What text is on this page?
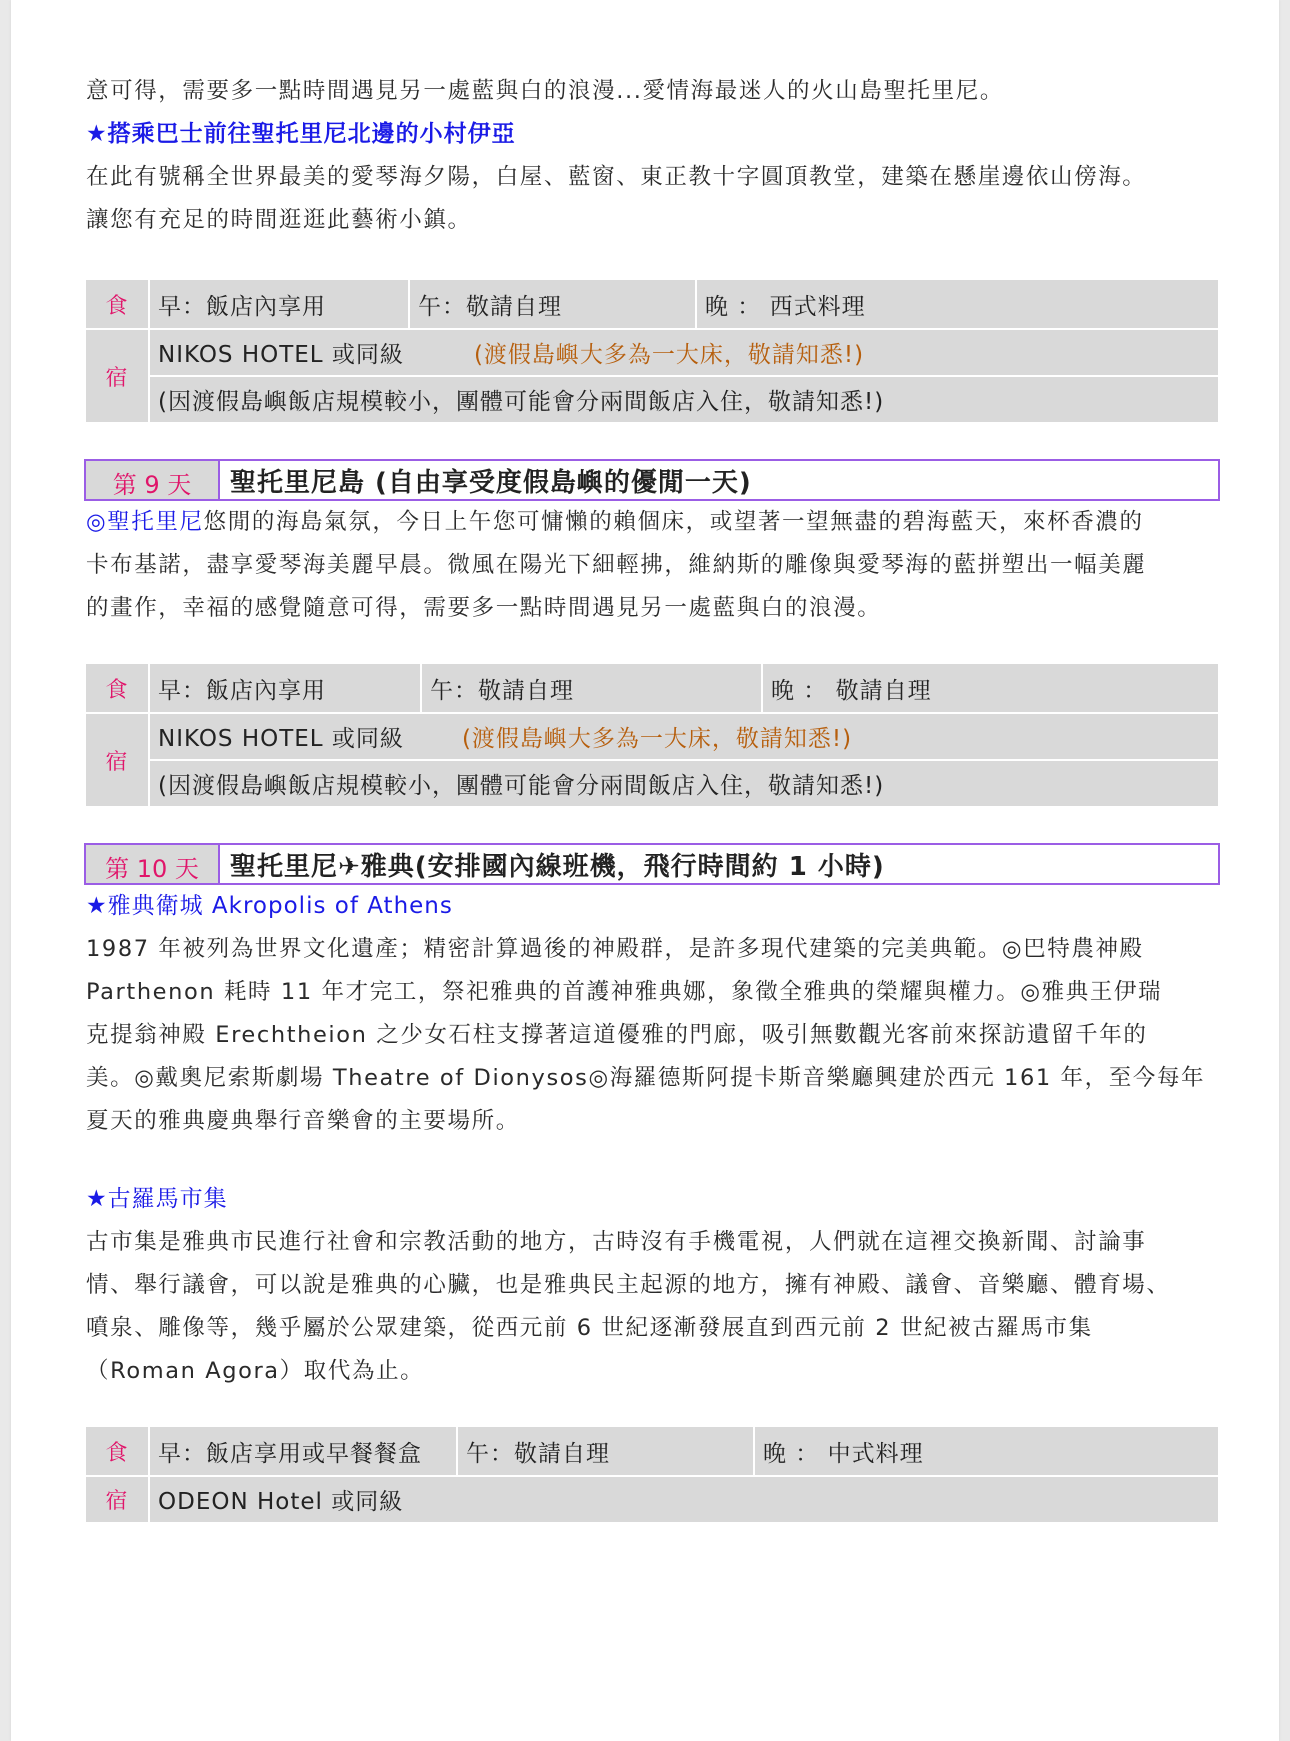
意可得，需要多一點時間遇見另一處藍與白的浪漫...愛情海最迷人的火山島聖托里尼。

★搭乘巴士前往聖托里尼北邊的小村伊亞

在此有號稱全世界最美的愛琴海夕陽，白屋、藍窗、東正教十字圓頂教堂，建築在懸崖邊依山傍海。

讓您有充足的時間逛逛此藝術小鎮。

食	早：飯店內享用	午：敬請自理	晚 ： 西式料理
宿	NIKOS HOTEL 或同級 (渡假島嶼大多為一大床，敬請知悉!)		
	(因渡假島嶼飯店規模較小，團體可能會分兩間飯店入住，敬請知悉!)		
第 9 天	聖托里尼島 (自由享受度假島嶼的優閒一天)

◎聖托里尼悠閒的海島氣氛，今日上午您可慵懶的賴個床，或望著一望無盡的碧海藍天，來杯香濃的

卡布基諾，盡享愛琴海美麗早晨。微風在陽光下細輕拂，維納斯的雕像與愛琴海的藍拼塑出一幅美麗

的畫作，幸福的感覺隨意可得，需要多一點時間遇見另一處藍與白的浪漫。

食	早：飯店內享用	午：敬請自理	晚 ： 敬請自理
宿	NIKOS HOTEL 或同級 (渡假島嶼大多為一大床，敬請知悉!)		
	(因渡假島嶼飯店規模較小，團體可能會分兩間飯店入住，敬請知悉!)		
第 10 天	聖托里尼✈雅典(安排國內線班機，飛行時間約 1 小時)

★雅典衛城 Akropolis of Athens

1987 年被列為世界文化遺產；精密計算過後的神殿群，是許多現代建築的完美典範。◎巴特農神殿

Parthenon 耗時 11 年才完工，祭祀雅典的首護神雅典娜，象徵全雅典的榮耀與權力。◎雅典王伊瑞

克提翁神殿 Erechtheion 之少女石柱支撐著這道優雅的門廊，吸引無數觀光客前來探訪遺留千年的

美。◎戴奧尼索斯劇場 Theatre of Dionysos◎海羅德斯阿提卡斯音樂廳興建於西元 161 年，至今每年

夏天的雅典慶典舉行音樂會的主要場所。

★古羅馬市集

古市集是雅典市民進行社會和宗教活動的地方，古時沒有手機電視，人們就在這裡交換新聞、討論事

情、舉行議會，可以說是雅典的心臟，也是雅典民主起源的地方，擁有神殿、議會、音樂廳、體育場、

噴泉、雕像等，幾乎屬於公眾建築，從西元前 6 世紀逐漸發展直到西元前 2 世紀被古羅馬市集

（Roman Agora）取代為止。

食	早：飯店享用或早餐餐盒	午：敬請自理	晚 ： 中式料理
宿	ODEON Hotel 或同級		
